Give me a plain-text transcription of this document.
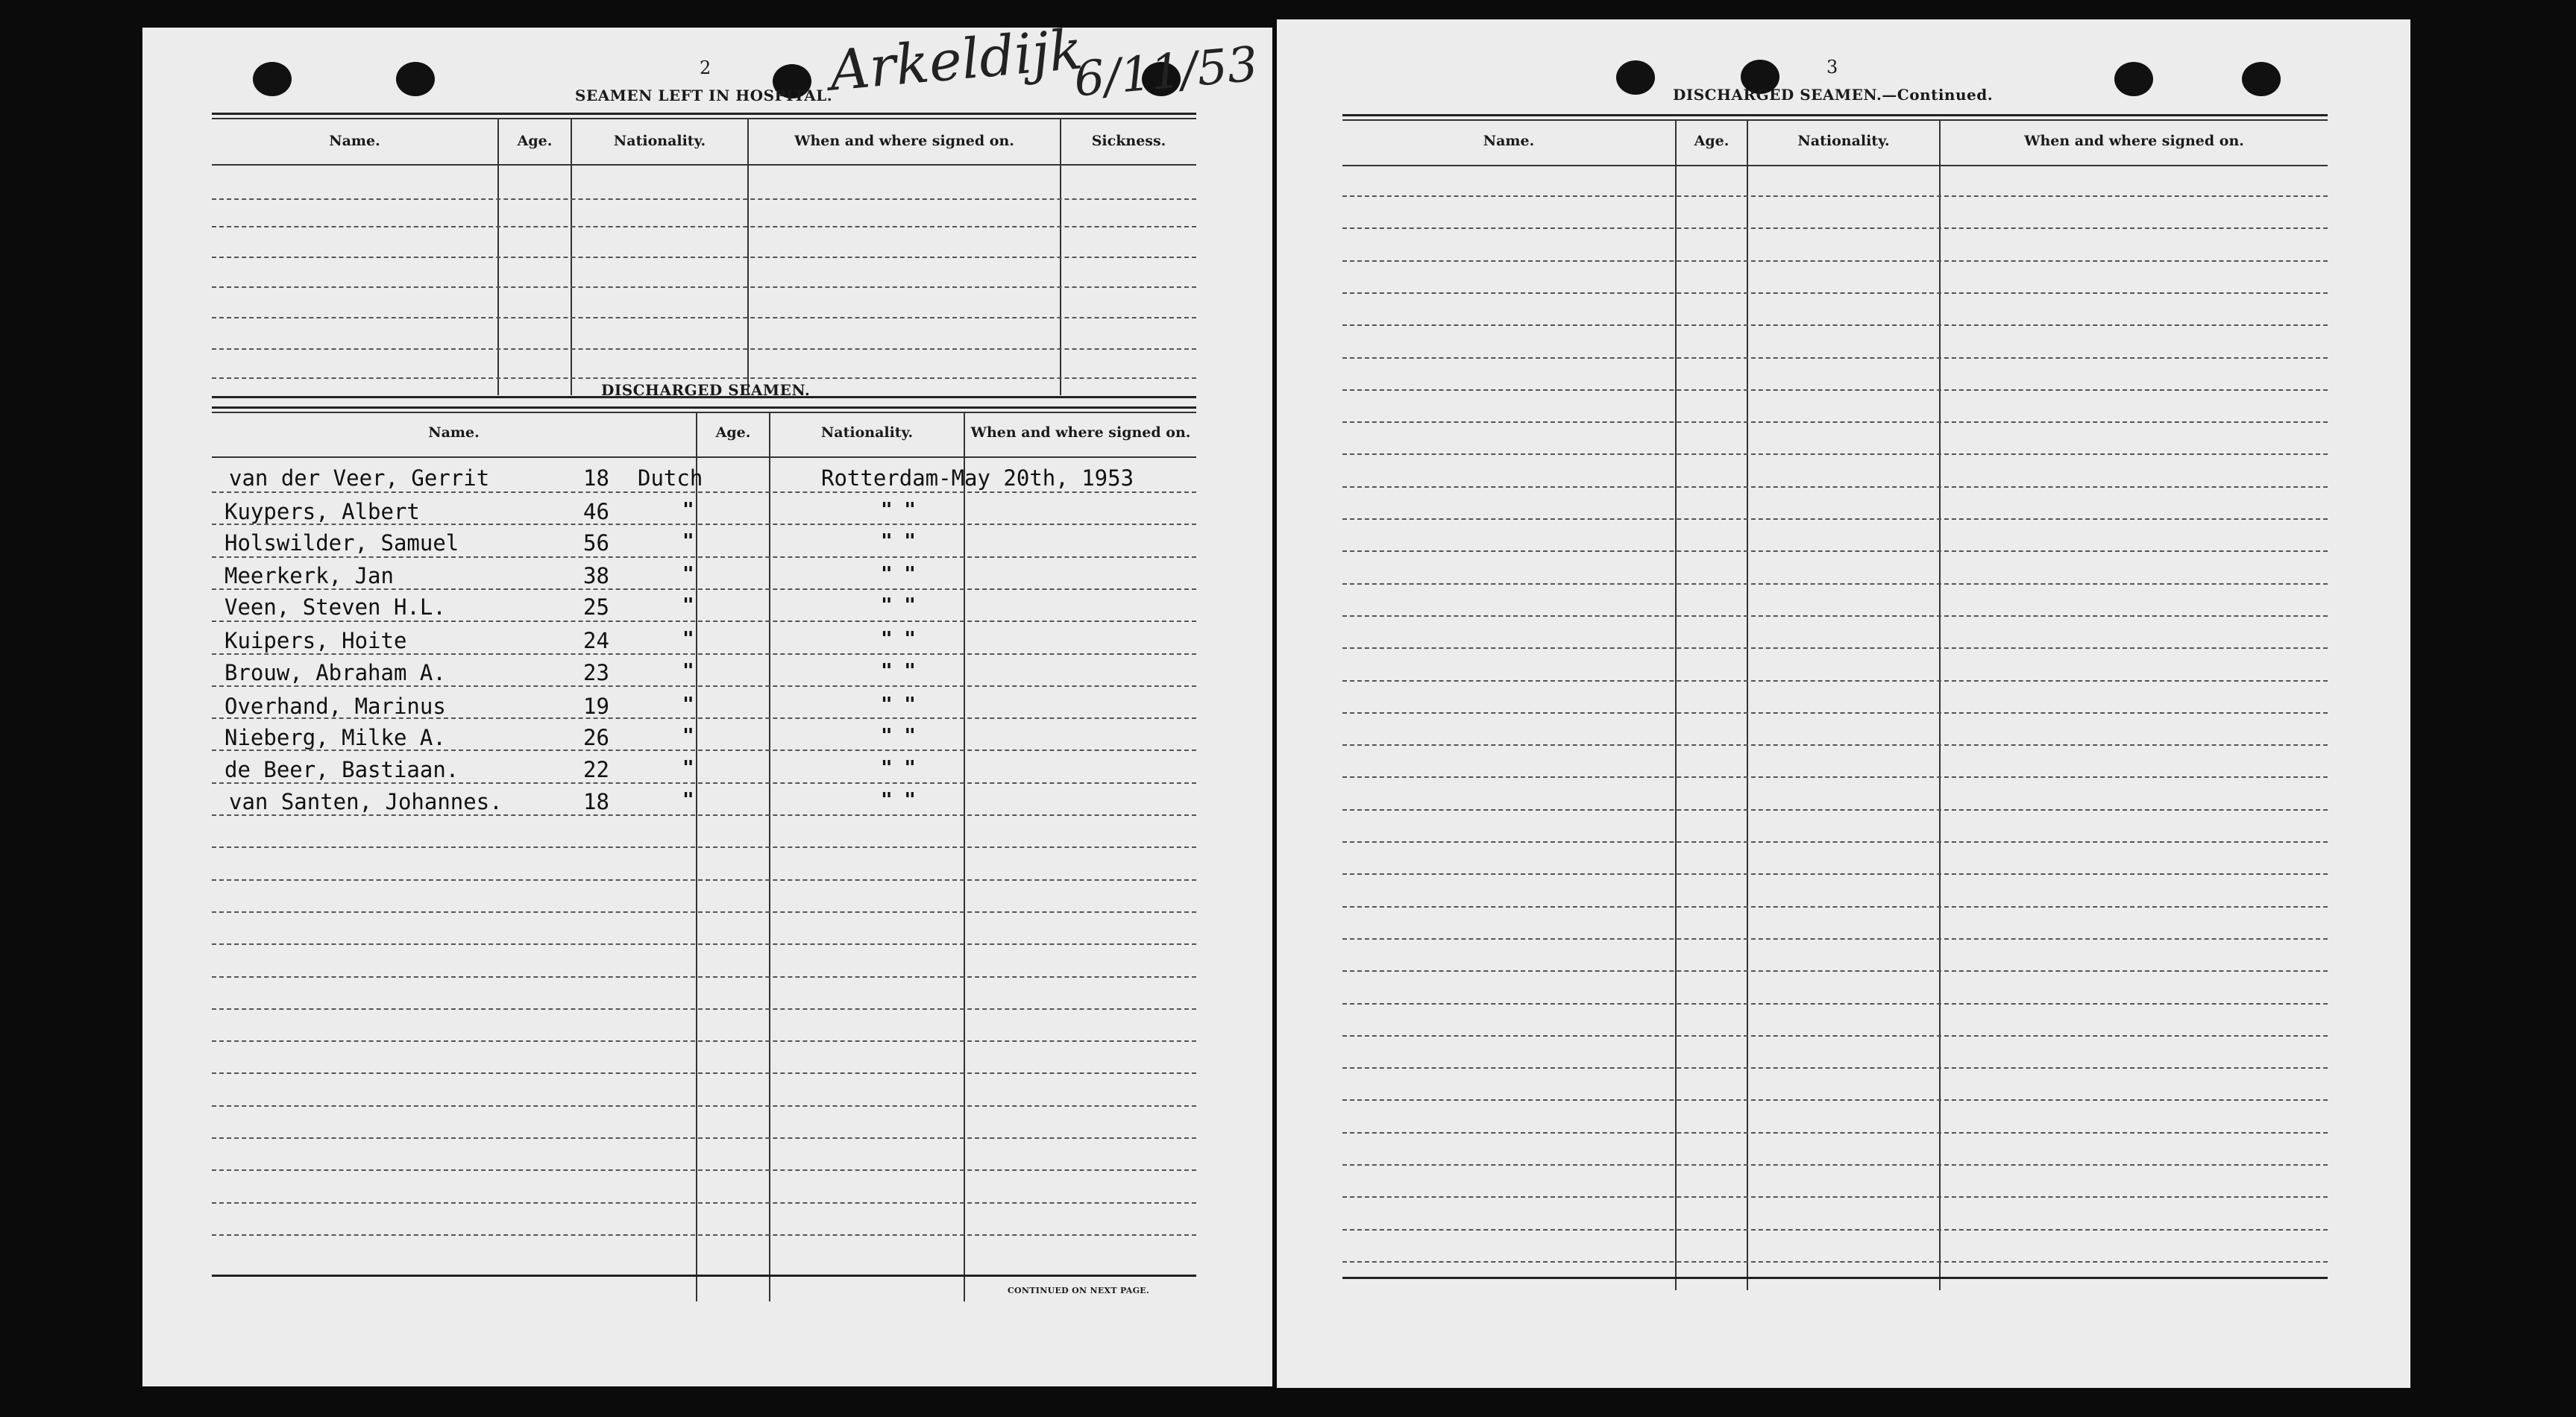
2
SEAMEN LEFT IN HOSPITAL.
Name.	Age.	Nationality.	When and where signed on.	Sickness.
DISCHARGED SEAMEN.
Name.	Age.	Nationality.	When and where signed on.
van der Veer, Gerrit	18 Dutch	Rotterdam-May 20th, 1953
Kuypers, Albert	46	"	" "
Holswilder, Samuel	56	"	" "
Meerkerk, Jan	38	"	" "
Veen, Steven H.L.	25	"	" "
Kuipers, Hoite	24	"	" "
Brouw, Abraham A.	23	"	" "
Overhand, Marinus	19	"	" "
Nieberg, Milke A.	26	"	" "
de Beer, Bastiaan.	22	"	" "
van Santen, Johannes.	18	"	" "
CONTINUED ON NEXT PAGE.
Arkeldijk
6/11/53	3
DISCHARGED SEAMEN.—Continued.
Name.	Age.	Nationality.	When and where signed on.
